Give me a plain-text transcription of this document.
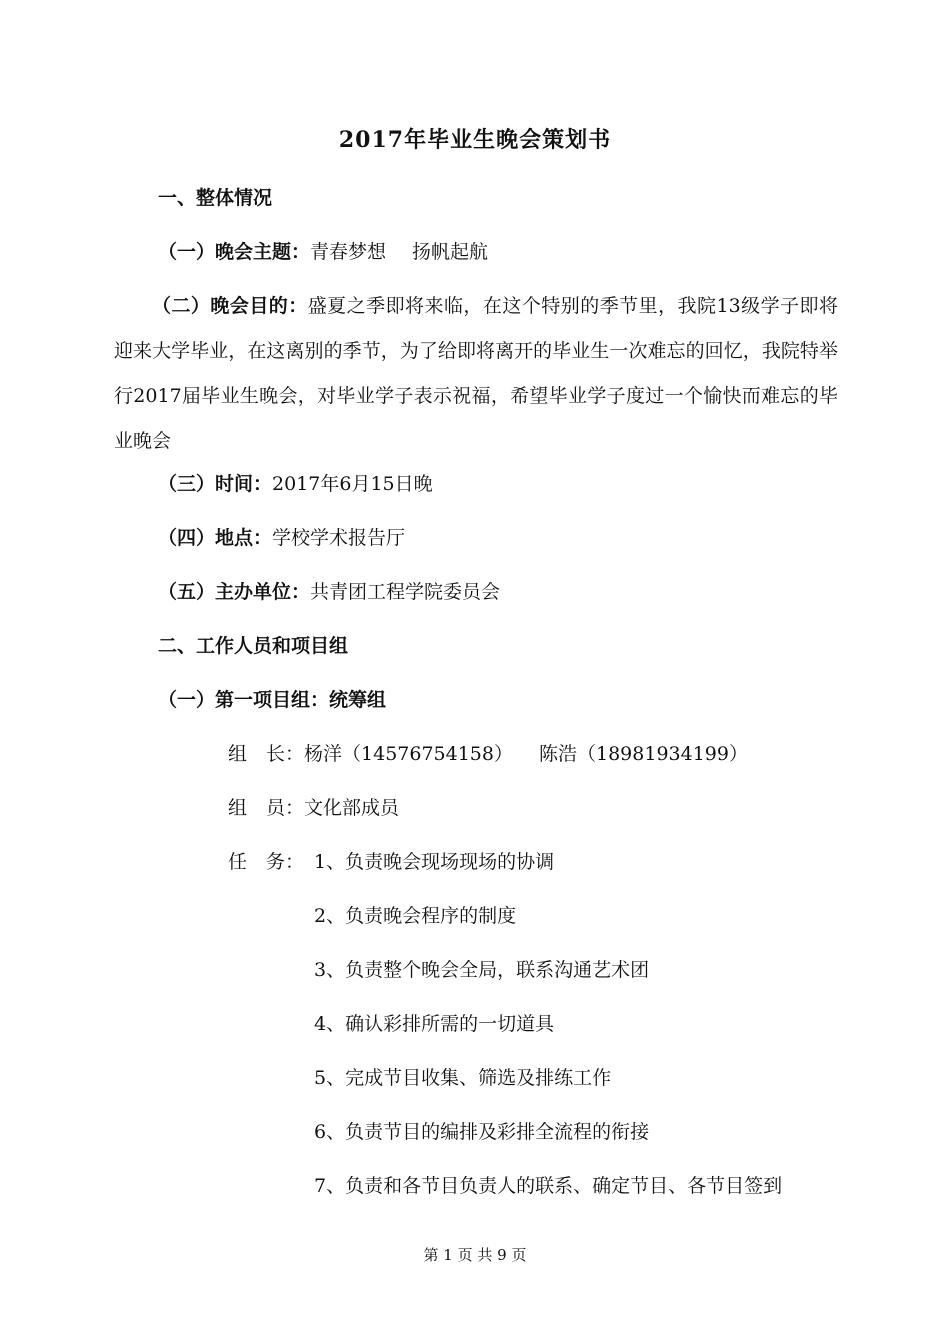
2017年毕业生晚会策划书
一、整体情况
（一）晚会主题：青春梦想 扬帆起航
（二）晚会目的：盛夏之季即将来临，在这个特别的季节里，我院13级学子即将迎来大学毕业，在这离别的季节，为了给即将离开的毕业生一次难忘的回忆，我院特举行2017届毕业生晚会，对毕业学子表示祝福，希望毕业学子度过一个愉快而难忘的毕业晚会
（三）时间：2017年6月15日晚
（四）地点：学校学术报告厅
（五）主办单位：共青团工程学院委员会
二、工作人员和项目组
（一）第一项目组：统筹组
组　长：杨洋（14576754158） 陈浩（18981934199）
组　员：文化部成员
任　务： 1、负责晚会现场现场的协调
2、负责晚会程序的制度
3、负责整个晚会全局，联系沟通艺术团
4、确认彩排所需的一切道具
5、完成节目收集、筛选及排练工作
6、负责节目的编排及彩排全流程的衔接
7、负责和各节目负责人的联系、确定节目、各节目签到
第 1 页 共 9 页
